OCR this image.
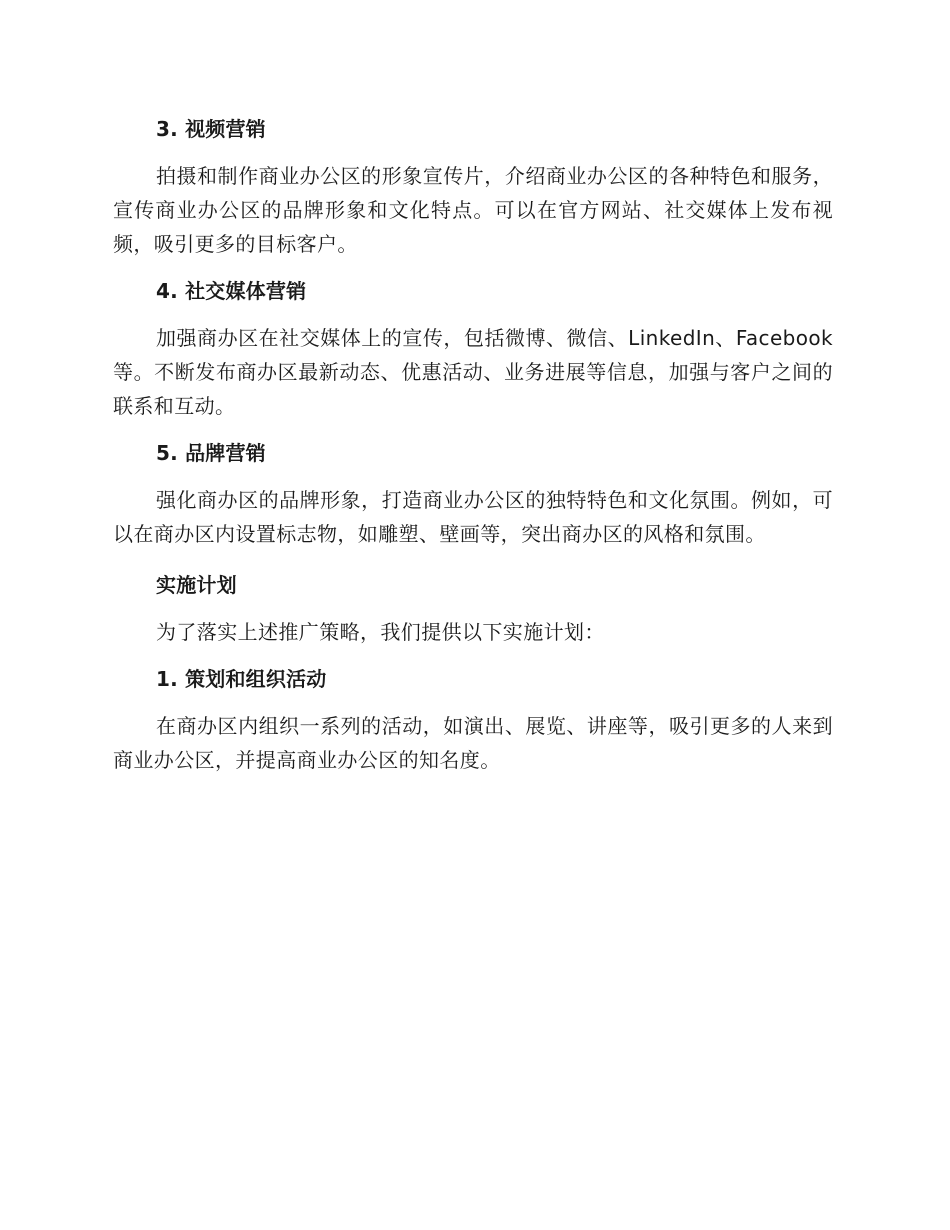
3. 视频营销
拍摄和制作商业办公区的形象宣传片，介绍商业办公区的各种特色和服务，宣传商业办公区的品牌形象和文化特点。可以在官方网站、社交媒体上发布视频，吸引更多的目标客户。
4. 社交媒体营销
加强商办区在社交媒体上的宣传，包括微博、微信、LinkedIn、Facebook 等。不断发布商办区最新动态、优惠活动、业务进展等信息，加强与客户之间的联系和互动。
5. 品牌营销
强化商办区的品牌形象，打造商业办公区的独特特色和文化氛围。例如，可以在商办区内设置标志物，如雕塑、壁画等，突出商办区的风格和氛围。
实施计划
为了落实上述推广策略，我们提供以下实施计划：
1. 策划和组织活动
在商办区内组织一系列的活动，如演出、展览、讲座等，吸引更多的人来到商业办公区，并提高商业办公区的知名度。
